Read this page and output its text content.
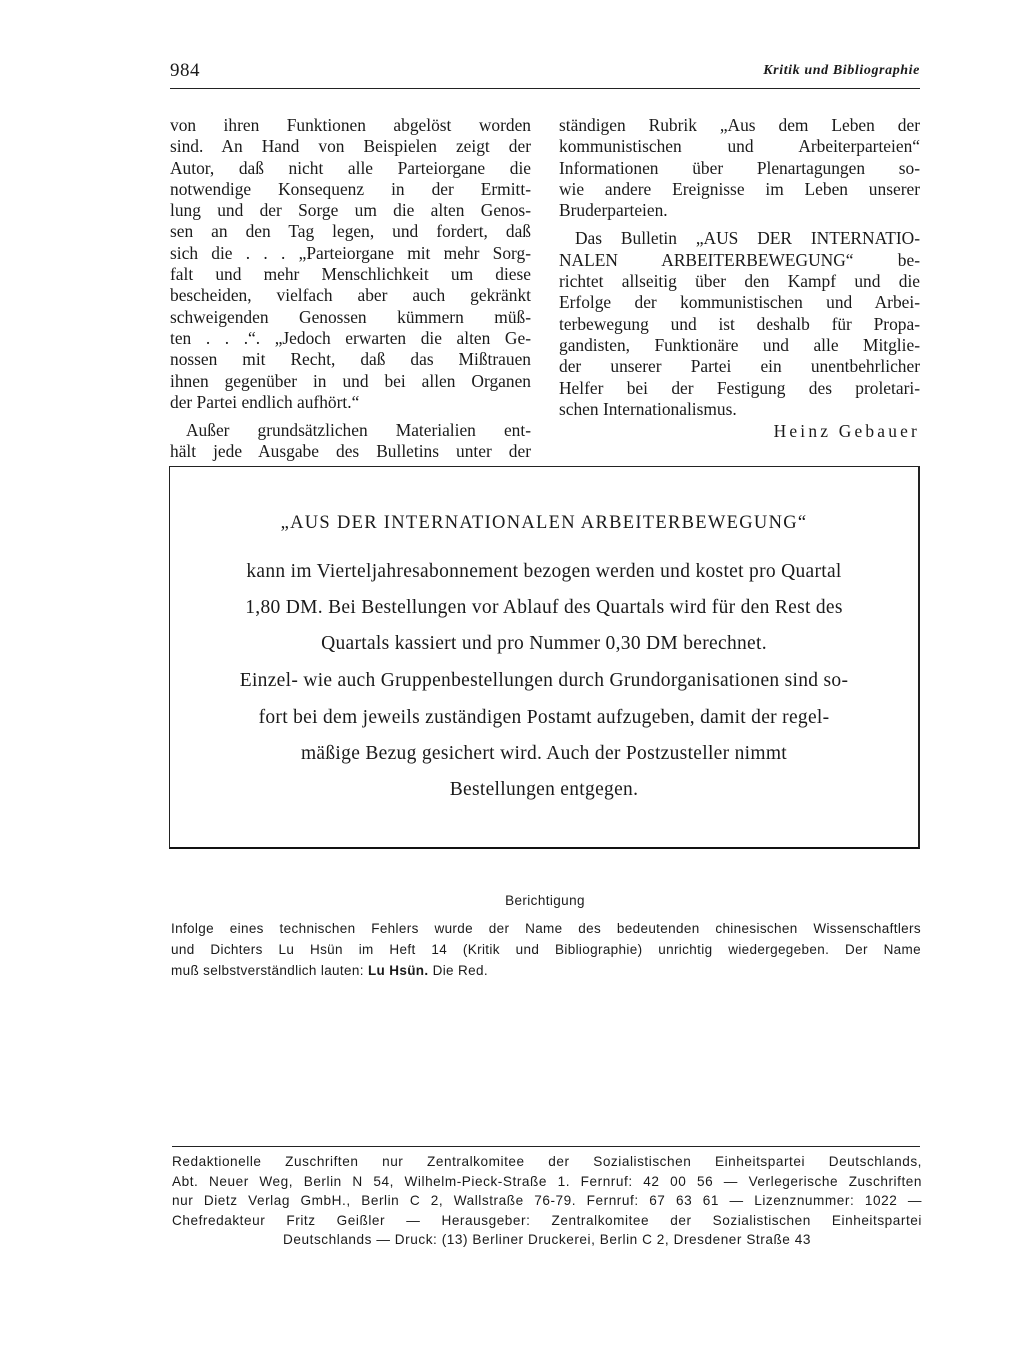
984	Kritik und Bibliographie

von ihren Funktionen abgelöst worden
sind. An Hand von Beispielen zeigt der
Autor, daß nicht alle Parteiorgane die
notwendige Konsequenz in der Ermitt-
lung und der Sorge um die alten Genos-
sen an den Tag legen, und fordert, daß
sich die . . . „Parteiorgane mit mehr Sorg-
falt und mehr Menschlichkeit um diese
bescheiden, vielfach aber auch gekränkt
schweigenden Genossen kümmern müß-
ten . . .“. „Jedoch erwarten die alten Ge-
nossen mit Recht, daß das Mißtrauen
ihnen gegenüber in und bei allen Organen
der Partei endlich aufhört.“

Außer grundsätzlichen Materialien ent-
hält jede Ausgabe des Bulletins unter der

ständigen Rubrik „Aus dem Leben der
kommunistischen und Arbeiterparteien“
Informationen über Plenartagungen so-
wie andere Ereignisse im Leben unserer
Bruderparteien.

Das Bulletin „AUS DER INTERNATIO-
NALEN ARBEITERBEWEGUNG“ be-
richtet allseitig über den Kampf und die
Erfolge der kommunistischen und Arbei-
terbewegung und ist deshalb für Propa-
gandisten, Funktionäre und alle Mitglie-
der unserer Partei ein unentbehrlicher
Helfer bei der Festigung des proletari-
schen Internationalismus.

Heinz Gebauer
„AUS DER INTERNATIONALEN ARBEITERBEWEGUNG“
kann im Vierteljahresabonnement bezogen werden und kostet pro Quartal
1,80 DM. Bei Bestellungen vor Ablauf des Quartals wird für den Rest des
Quartals kassiert und pro Nummer 0,30 DM berechnet.
Einzel- wie auch Gruppenbestellungen durch Grundorganisationen sind so-
fort bei dem jeweils zuständigen Postamt aufzugeben, damit der regel-
mäßige Bezug gesichert wird. Auch der Postzusteller nimmt
Bestellungen entgegen.
Berichtigung
Infolge eines technischen Fehlers wurde der Name des bedeutenden chinesischen Wissenschaftlers
und Dichters Lu Hsün im Heft 14 (Kritik und Bibliographie) unrichtig wiedergegeben. Der Name
muß selbstverständlich lauten: Lu Hsün. Die Red.
Redaktionelle Zuschriften nur Zentralkomitee der Sozialistischen Einheitspartei Deutschlands,
Abt. Neuer Weg, Berlin N 54, Wilhelm-Pieck-Straße 1. Fernruf: 42 00 56 — Verlegerische Zuschriften
nur Dietz Verlag GmbH., Berlin C 2, Wallstraße 76-79. Fernruf: 67 63 61 — Lizenznummer: 1022 —
Chefredakteur Fritz Geißler — Herausgeber: Zentralkomitee der Sozialistischen Einheitspartei
Deutschlands — Druck: (13) Berliner Druckerei, Berlin C 2, Dresdener Straße 43
